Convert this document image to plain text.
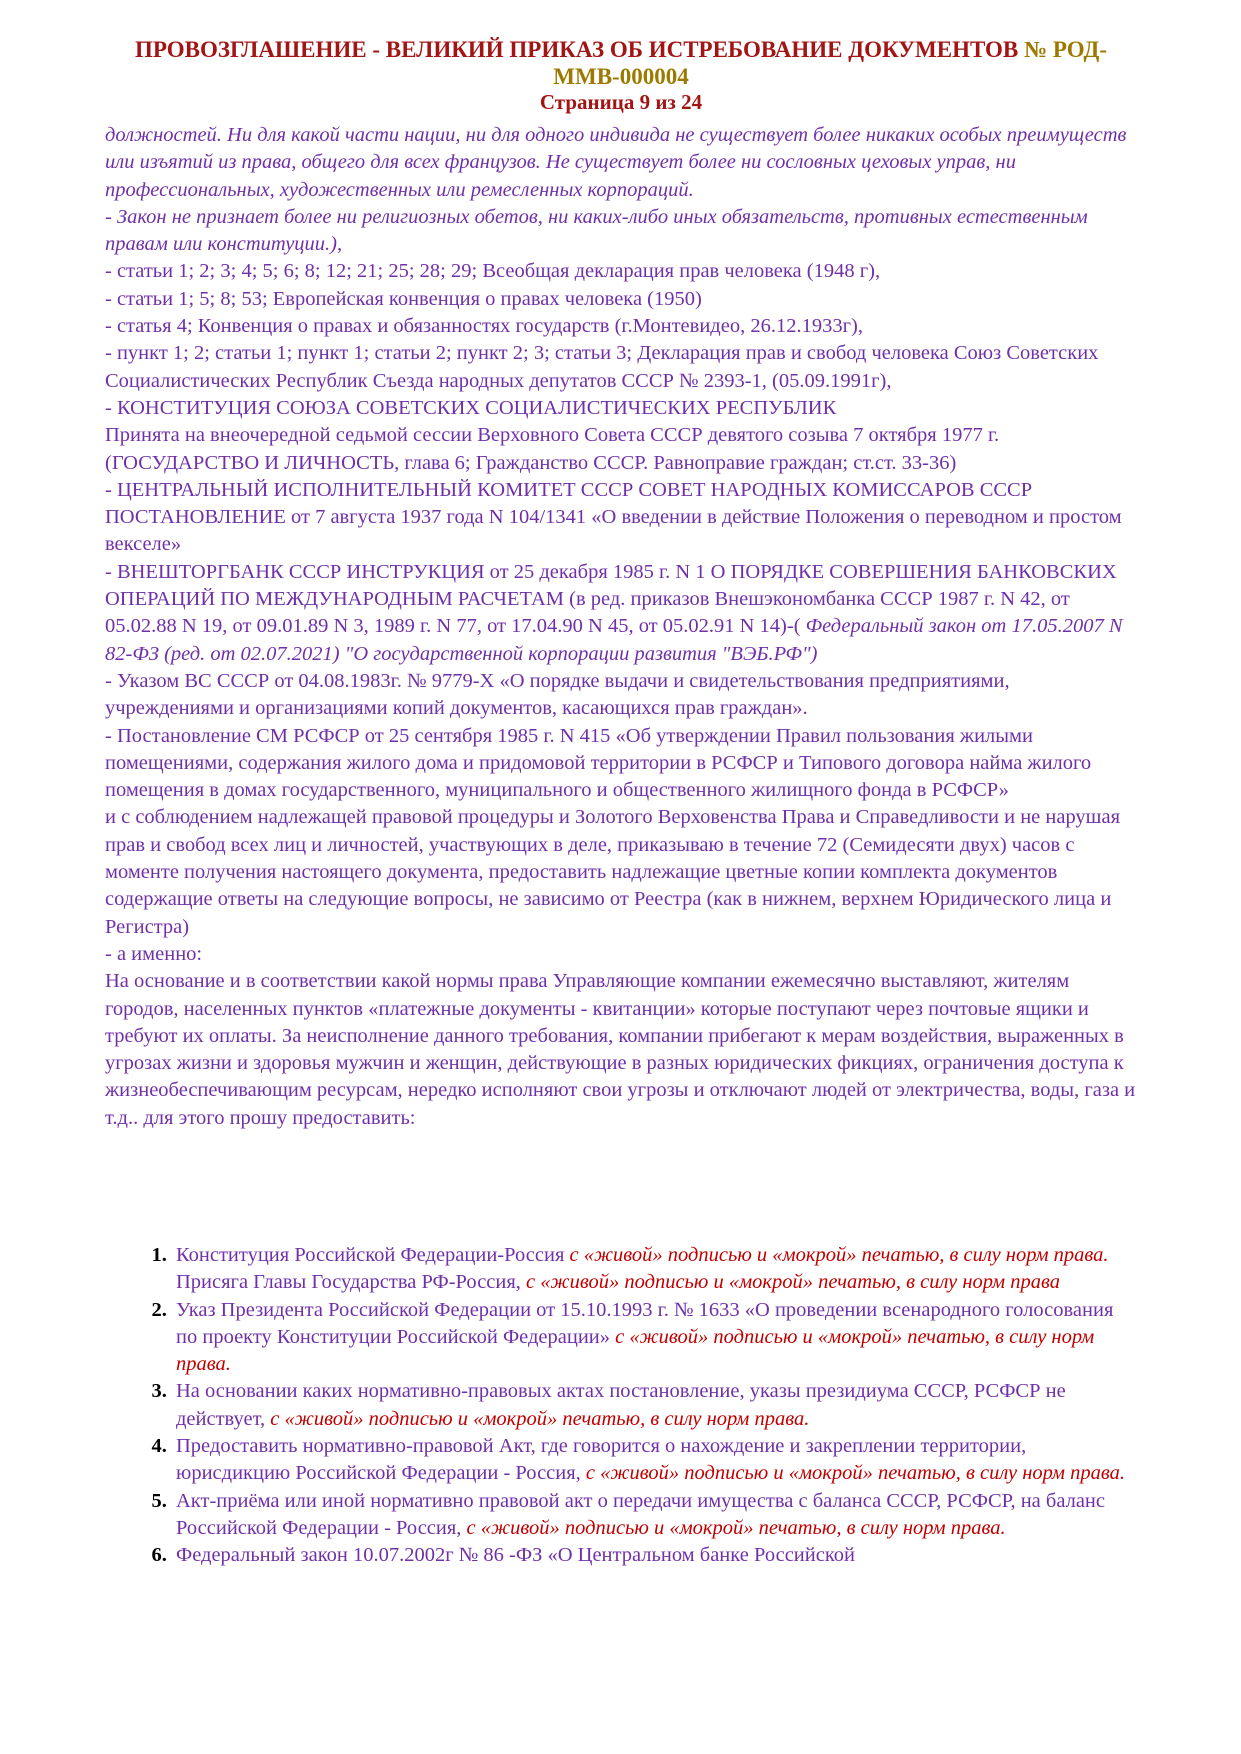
ПРОВОЗГЛАШЕНИЕ - ВЕЛИКИЙ ПРИКАЗ ОБ ИСТРЕБОВАНИЕ ДОКУМЕНТОВ № РОД-ММВ-000004
Страница 9 из 24

должностей. Ни для какой части нации, ни для одного индивида не существует более никаких особых преимуществ или изъятий из права, общего для всех французов. Не существует более ни сословных цеховых управ, ни профессиональных, художественных или ремесленных корпораций.

- Закон не признает более ни религиозных обетов, ни каких-либо иных обязательств, противных естественным правам или конституции.),

- статьи 1; 2; 3; 4; 5; 6; 8; 12; 21; 25; 28; 29; Всеобщая декларация прав человека (1948 г),

- статьи 1; 5; 8; 53; Европейская конвенция о правах человека (1950)

- статья 4; Конвенция о правах и обязанностях государств (г.Монтевидео, 26.12.1933г),

- пункт 1; 2; статьи 1; пункт 1; статьи 2; пункт 2; 3; статьи 3; Декларация прав и свобод человека Союз Советских Социалистических Республик Съезда народных депутатов СССР № 2393-1, (05.09.1991г),

- КОНСТИТУЦИЯ СОЮЗА СОВЕТСКИХ СОЦИАЛИСТИЧЕСКИХ РЕСПУБЛИК

Принята на внеочередной седьмой сессии Верховного Совета СССР девятого созыва 7 октября 1977 г.(ГОСУДАРСТВО И ЛИЧНОСТЬ, глава 6; Гражданство СССР. Равноправие граждан; ст.ст. 33-36)

- ЦЕНТРАЛЬНЫЙ ИСПОЛНИТЕЛЬНЫЙ КОМИТЕТ СССР СОВЕТ НАРОДНЫХ КОМИССАРОВ СССР ПОСТАНОВЛЕНИЕ от 7 августа 1937 года N 104/1341 «О введении в действие Положения о переводном и простом векселе»

- ВНЕШТОРГБАНК СССР ИНСТРУКЦИЯ от 25 декабря 1985 г. N 1 О ПОРЯДКЕ СОВЕРШЕНИЯ БАНКОВСКИХ ОПЕРАЦИЙ ПО МЕЖДУНАРОДНЫМ РАСЧЕТАМ (в ред. приказов Внешэкономбанка СССР 1987 г. N 42, от 05.02.88 N 19, от 09.01.89 N 3, 1989 г. N 77, от 17.04.90 N 45, от 05.02.91 N 14)-( Федеральный закон от 17.05.2007 N 82-ФЗ (ред. от 02.07.2021) "О государственной корпорации развития "ВЭБ.РФ")

- Указом ВС СССР от 04.08.1983г. № 9779-X «О порядке выдачи и свидетельствования предприятиями, учреждениями и организациями копий документов, касающихся прав граждан».

- Постановление СМ РСФСР от 25 сентября 1985 г. N 415 «Об утверждении Правил пользования жилыми помещениями, содержания жилого дома и придомовой территории в РСФСР и Типового договора найма жилого помещения в домах государственного, муниципального и общественного жилищного фонда в РСФСР»

и с соблюдением надлежащей правовой процедуры и Золотого Верховенства Права и Справедливости и не нарушая прав и свобод всех лиц и личностей, участвующих в деле, приказываю в течение 72 (Семидесяти двух) часов с моменте получения настоящего документа, предоставить надлежащие цветные копии комплекта документов содержащие ответы на следующие вопросы, не зависимо от Реестра (как в нижнем, верхнем Юридического лица и Регистра)

- а именно:

На основание и в соответствии какой нормы права Управляющие компании ежемесячно выставляют, жителям городов, населенных пунктов «платежные документы - квитанции» которые поступают через почтовые ящики и требуют их оплаты. За неисполнение данного требования, компании прибегают к мерам воздействия, выраженных в угрозах жизни и здоровья мужчин и женщин, действующие в разных юридических фикциях, ограничения доступа к жизнеобеспечивающим ресурсам, нередко исполняют свои угрозы и отключают людей от электричества, воды, газа и т.д.. для этого прошу предоставить:

1. Конституция Российской Федерации-Россия с «живой» подписью и «мокрой» печатью, в силу норм права.
Присяга Главы Государства РФ-Россия, с «живой» подписью и «мокрой» печатью, в силу норм права
2. Указ Президента Российской Федерации от 15.10.1993 г. № 1633 «О проведении всенародного голосования по проекту Конституции Российской Федерации» с «живой» подписью и «мокрой» печатью, в силу норм права.
3. На основании каких нормативно-правовых актах постановление, указы президиума СССР, РСФСР не действует, с «живой» подписью и «мокрой» печатью, в силу норм права.
4. Предоставить нормативно-правовой Акт, где говорится о нахождение и закреплении территории, юрисдикцию Российской Федерации - Россия, с «живой» подписью и «мокрой» печатью, в силу норм права.
5. Акт-приёма или иной нормативно правовой акт о передачи имущества с баланса СССР, РСФСР, на баланс Российской Федерации - Россия, с «живой» подписью и «мокрой» печатью, в силу норм права.
6. Федеральный закон 10.07.2002г № 86 -ФЗ «О Центральном банке Российской
